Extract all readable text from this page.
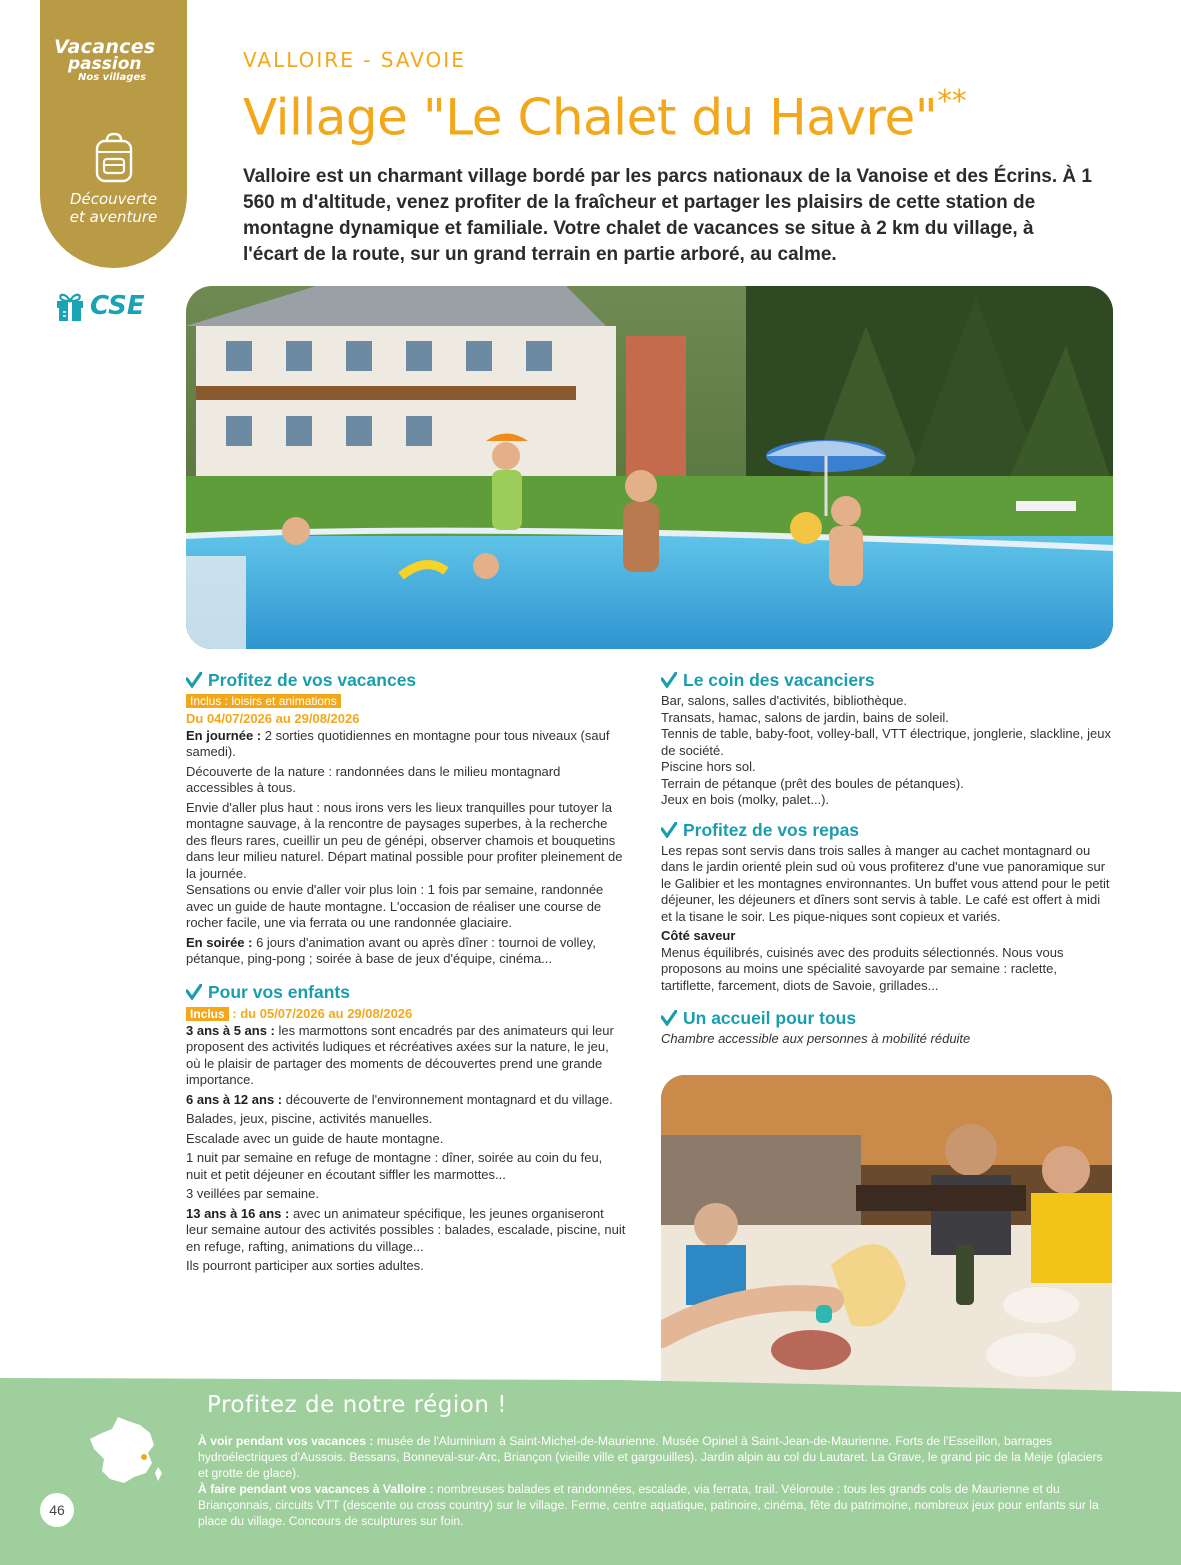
Vacances
passion
Nos villages
Découverte
et aventure
CSE
VALLOIRE - SAVOIE
Village "Le Chalet du Havre"**

Valloire est un charmant village bordé par les parcs nationaux de la Vanoise et des Écrins. À 1 560 m d'altitude, venez profiter de la fraîcheur et partager les plaisirs de cette station de montagne dynamique et familiale. Votre chalet de vacances se situe à 2 km du village, à l'écart de la route, sur un grand terrain en partie arboré, au calme.

Profitez de vos vacances
Inclus : loisirs et animations
Du 04/07/2026 au 29/08/2026

En journée : 2 sorties quotidiennes en montagne pour tous niveaux (sauf samedi).

Découverte de la nature : randonnées dans le milieu montagnard accessibles à tous.

Envie d'aller plus haut : nous irons vers les lieux tranquilles pour tutoyer la montagne sauvage, à la rencontre de paysages superbes, à la recherche des fleurs rares, cueillir un peu de génépi, observer chamois et bouquetins dans leur milieu naturel. Départ matinal possible pour profiter pleinement de la journée.

Sensations ou envie d'aller voir plus loin : 1 fois par semaine, randonnée avec un guide de haute montagne. L'occasion de réaliser une course de rocher facile, une via ferrata ou une randonnée glaciaire.

En soirée : 6 jours d'animation avant ou après dîner : tournoi de volley, pétanque, ping-pong ; soirée à base de jeux d'équipe, cinéma...

Pour vos enfants
Inclus : du 05/07/2026 au 29/08/2026

3 ans à 5 ans : les marmottons sont encadrés par des animateurs qui leur proposent des activités ludiques et récréatives axées sur la nature, le jeu, où le plaisir de partager des moments de découvertes prend une grande importance.

6 ans à 12 ans : découverte de l'environnement montagnard et du village.

Balades, jeux, piscine, activités manuelles.

Escalade avec un guide de haute montagne.

1 nuit par semaine en refuge de montagne : dîner, soirée au coin du feu, nuit et petit déjeuner en écoutant siffler les marmottes...

3 veillées par semaine.

13 ans à 16 ans : avec un animateur spécifique, les jeunes organiseront leur semaine autour des activités possibles : balades, escalade, piscine, nuit en refuge, rafting, animations du village...

Ils pourront participer aux sorties adultes.

Le coin des vacanciers
Bar, salons, salles d'activités, bibliothèque.
Transats, hamac, salons de jardin, bains de soleil.
Tennis de table, baby-foot, volley-ball, VTT électrique, jonglerie, slackline, jeux de société.
Piscine hors sol.
Terrain de pétanque (prêt des boules de pétanques).
Jeux en bois (molky, palet...).
Profitez de vos repas

Les repas sont servis dans trois salles à manger au cachet montagnard ou dans le jardin orienté plein sud où vous profiterez d'une vue panoramique sur le Galibier et les montagnes environnantes. Un buffet vous attend pour le petit déjeuner, les déjeuners et dîners sont servis à table. Le café est offert à midi et la tisane le soir. Les pique-niques sont copieux et variés.

Côté saveur

Menus équilibrés, cuisinés avec des produits sélectionnés. Nous vous proposons au moins une spécialité savoyarde par semaine : raclette, tartiflette, farcement, diots de Savoie, grillades...

Un accueil pour tous

Chambre accessible aux personnes à mobilité réduite

Profitez de notre région !

À voir pendant vos vacances : musée de l'Aluminium à Saint-Michel-de-Maurienne. Musée Opinel à Saint-Jean-de-Maurienne. Forts de l'Esseillon, barrages hydroélectriques d'Aussois. Bessans, Bonneval-sur-Arc, Briançon (vieille ville et gargouilles). Jardin alpin au col du Lautaret. La Grave, le grand pic de la Meije (glaciers et grotte de glace).

À faire pendant vos vacances à Valloire : nombreuses balades et randonnées, escalade, via ferrata, trail. Véloroute : tous les grands cols de Maurienne et du Briançonnais, circuits VTT (descente ou cross country) sur le village. Ferme, centre aquatique, patinoire, cinéma, fête du patrimoine, nombreux jeux pour enfants sur la place du village. Concours de sculptures sur foin.

46
